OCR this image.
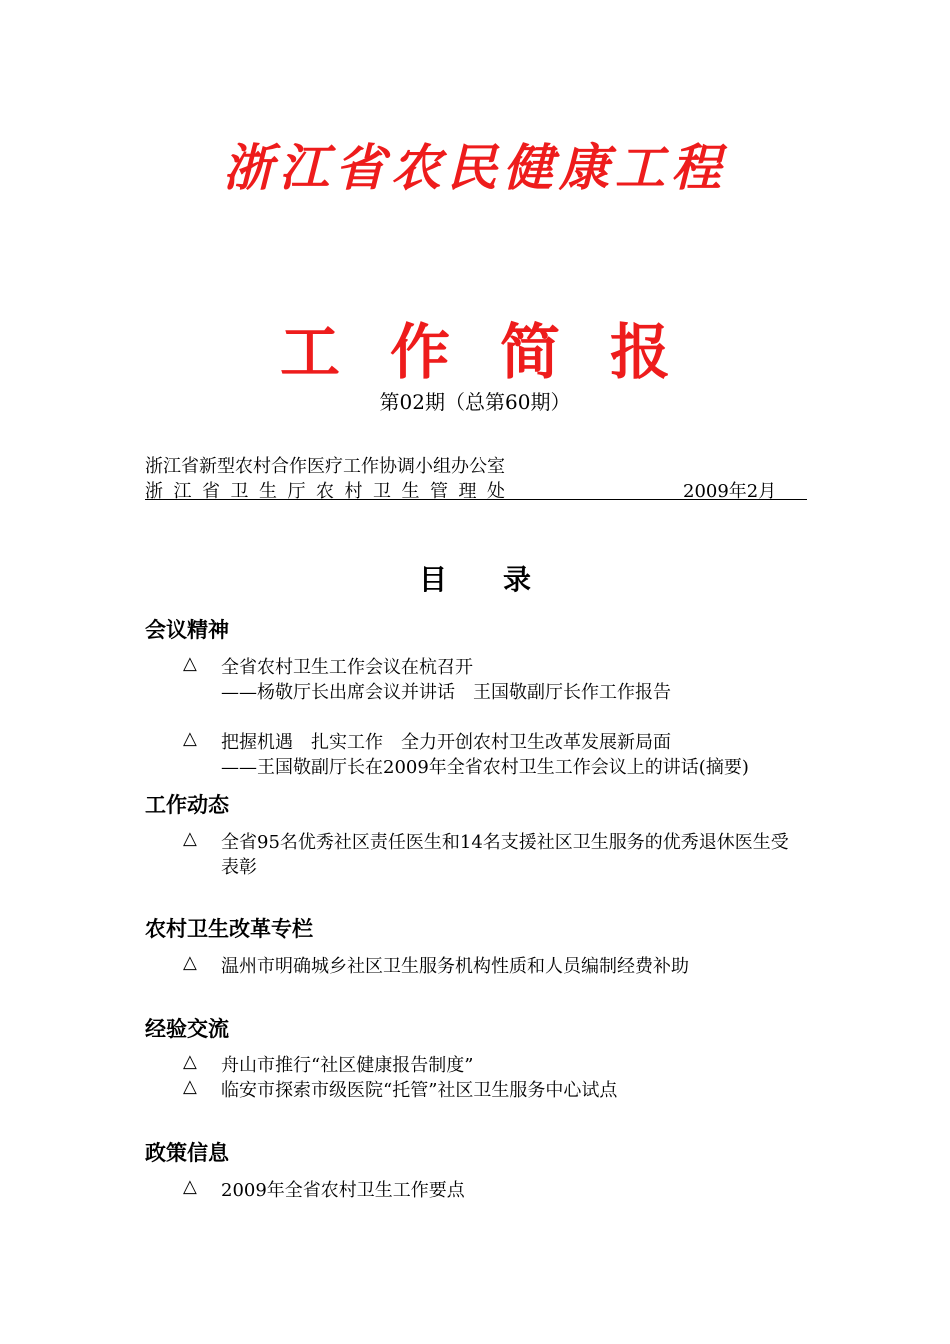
浙江省农民健康工程
工作简报
第02期（总第60期）
浙江省新型农村合作医疗工作协调小组办公室
浙江省卫生厅农村卫生管理处	2009年2月
目录
会议精神
△ 全省农村卫生工作会议在杭召开
——杨敬厅长出席会议并讲话　王国敬副厅长作工作报告
△ 把握机遇　扎实工作　全力开创农村卫生改革发展新局面
——王国敬副厅长在2009年全省农村卫生工作会议上的讲话(摘要)
工作动态
△ 全省95名优秀社区责任医生和14名支援社区卫生服务的优秀退休医生受
表彰
农村卫生改革专栏
△ 温州市明确城乡社区卫生服务机构性质和人员编制经费补助
经验交流
△ 舟山市推行“社区健康报告制度”
△ 临安市探索市级医院“托管”社区卫生服务中心试点
政策信息
△ 2009年全省农村卫生工作要点
